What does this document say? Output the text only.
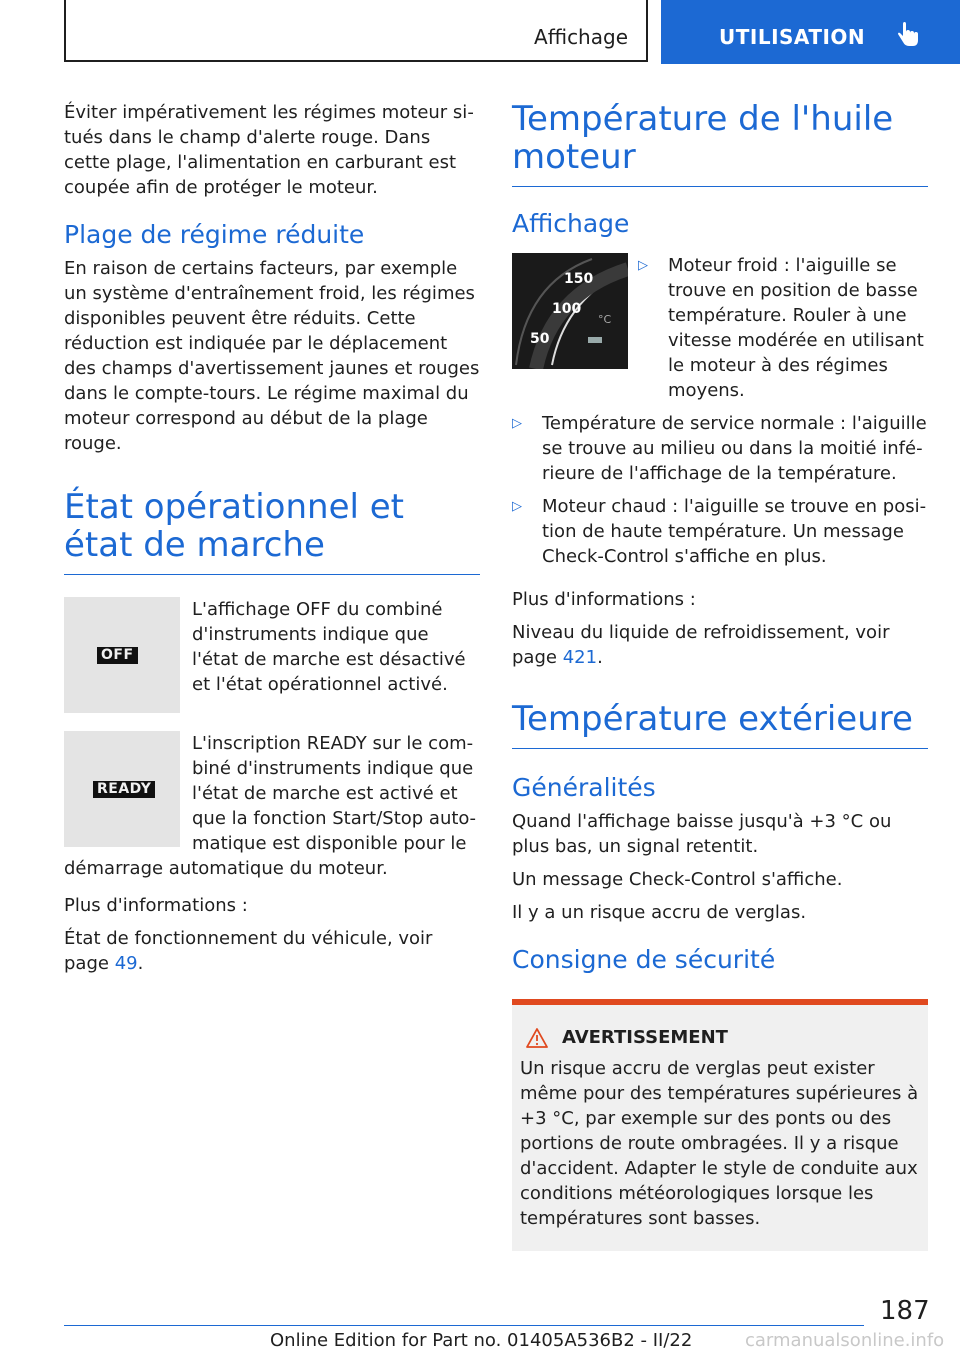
Affichage	UTILISATION

Éviter impérativement les régimes moteur situés dans le champ d'alerte rouge. Dans cette plage, l'alimentation en carburant est coupée afin de protéger le moteur.

Plage de régime réduite

En raison de certains facteurs, par exemple un système d'entraînement froid, les régimes disponibles peuvent être réduits. Cette réduction est indiquée par le déplacement des champs d'avertissement jaunes et rouges dans le compte-tours. Le régime maximal du moteur correspond au début de la plage rouge.

État opérationnel et état de marche
OFF

L'affichage OFF du combiné d'instruments indique que l'état de marche est désactivé et l'état opérationnel activé.

READY

L'inscription READY sur le combiné d'instruments indique que l'état de marche est activé et que la fonction Start/Stop automatique est disponible pour le démarrage automatique du moteur.

Plus d'informations :

État de fonctionnement du véhicule, voir page 49.

Température de l'huile moteur
Affichage
150
100
50
°C
▷	Moteur froid : l'aiguille se trouve en position de basse température. Rouler à une vitesse modérée en utilisant le moteur à des régimes moyens.

▷	Température de service normale : l'aiguille se trouve au milieu ou dans la moitié inférieure de l'affichage de la température.

▷	Moteur chaud : l'aiguille se trouve en position de haute température. Un message Check-Control s'affiche en plus.

Plus d'informations :

Niveau du liquide de refroidissement, voir page 421.

Température extérieure
Généralités

Quand l'affichage baisse jusqu'à +3 °C ou plus bas, un signal retentit.

Un message Check-Control s'affiche.

Il y a un risque accru de verglas.

Consigne de sécurité
AVERTISSEMENT

Un risque accru de verglas peut exister même pour des températures supérieures à +3 °C, par exemple sur des ponts ou des portions de route ombragées. Il y a risque d'accident. Adapter le style de conduite aux conditions météorologiques lorsque les températures sont basses.

187
Online Edition for Part no. 01405A536B2 - II/22	carmanualsonline.info
